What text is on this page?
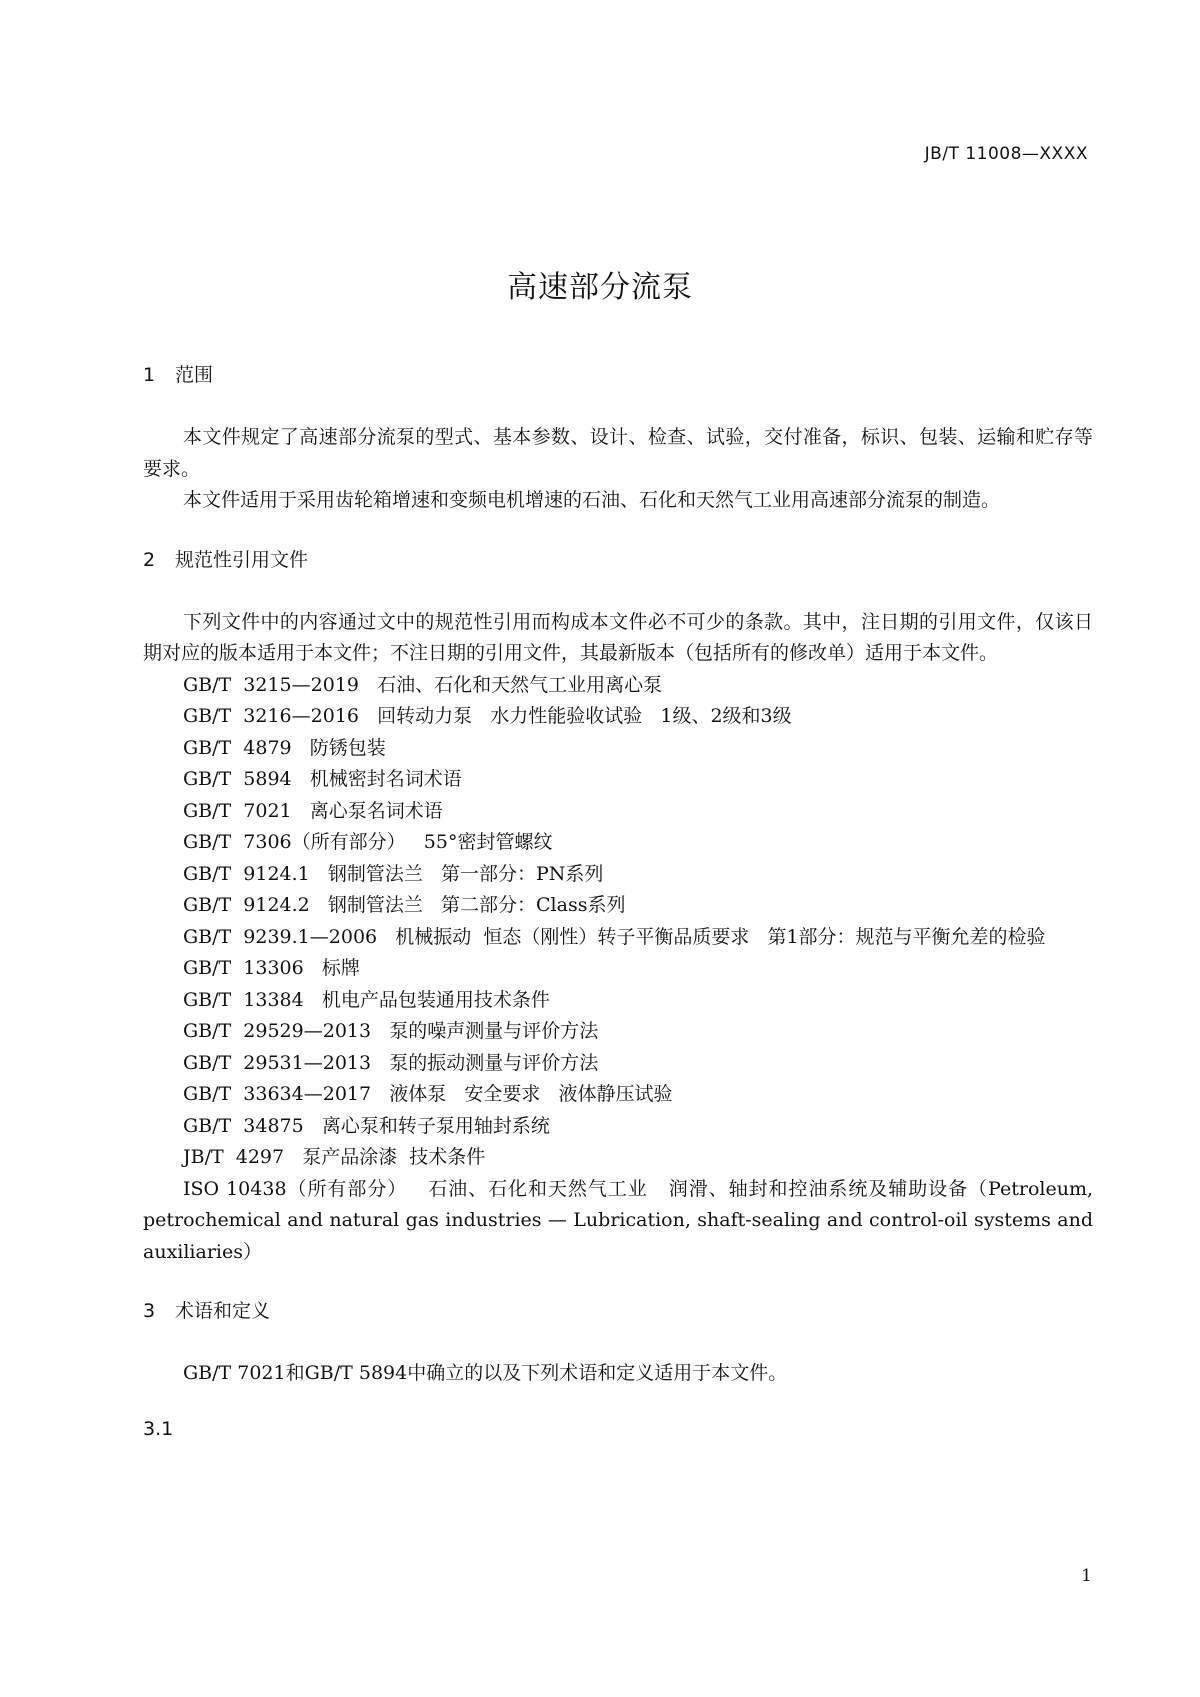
JB/T 11008—XXXX
高速部分流泵
1	范围

本文件规定了高速部分流泵的型式、基本参数、设计、检查、试验，交付准备，标识、包装、运输和贮存等要求。

本文件适用于采用齿轮箱增速和变频电机增速的石油、石化和天然气工业用高速部分流泵的制造。

2	规范性引用文件

下列文件中的内容通过文中的规范性引用而构成本文件必不可少的条款。其中，注日期的引用文件，仅该日期对应的版本适用于本文件；不注日期的引用文件，其最新版本（包括所有的修改单）适用于本文件。

GB/T  3215—2019   石油、石化和天然气工业用离心泵

GB/T  3216—2016   回转动力泵   水力性能验收试验   1级、2级和3级

GB/T  4879   防锈包装

GB/T  5894   机械密封名词术语

GB/T  7021   离心泵名词术语

GB/T  7306（所有部分）   55°密封管螺纹

GB/T  9124.1   钢制管法兰   第一部分：PN系列

GB/T  9124.2   钢制管法兰   第二部分：Class系列

GB/T  9239.1—2006   机械振动  恒态（刚性）转子平衡品质要求   第1部分：规范与平衡允差的检验

GB/T  13306   标牌

GB/T  13384   机电产品包装通用技术条件

GB/T  29529—2013   泵的噪声测量与评价方法

GB/T  29531—2013   泵的振动测量与评价方法

GB/T  33634—2017   液体泵   安全要求   液体静压试验

GB/T  34875   离心泵和转子泵用轴封系统

JB/T  4297   泵产品涂漆  技术条件

ISO 10438（所有部分）   石油、石化和天然气工业   润滑、轴封和控油系统及辅助设备（Petroleum, petrochemical and natural gas industries — Lubrication, shaft-sealing and control-oil systems and auxiliaries）

3	术语和定义

GB/T 7021和GB/T 5894中确立的以及下列术语和定义适用于本文件。

3.1
1
